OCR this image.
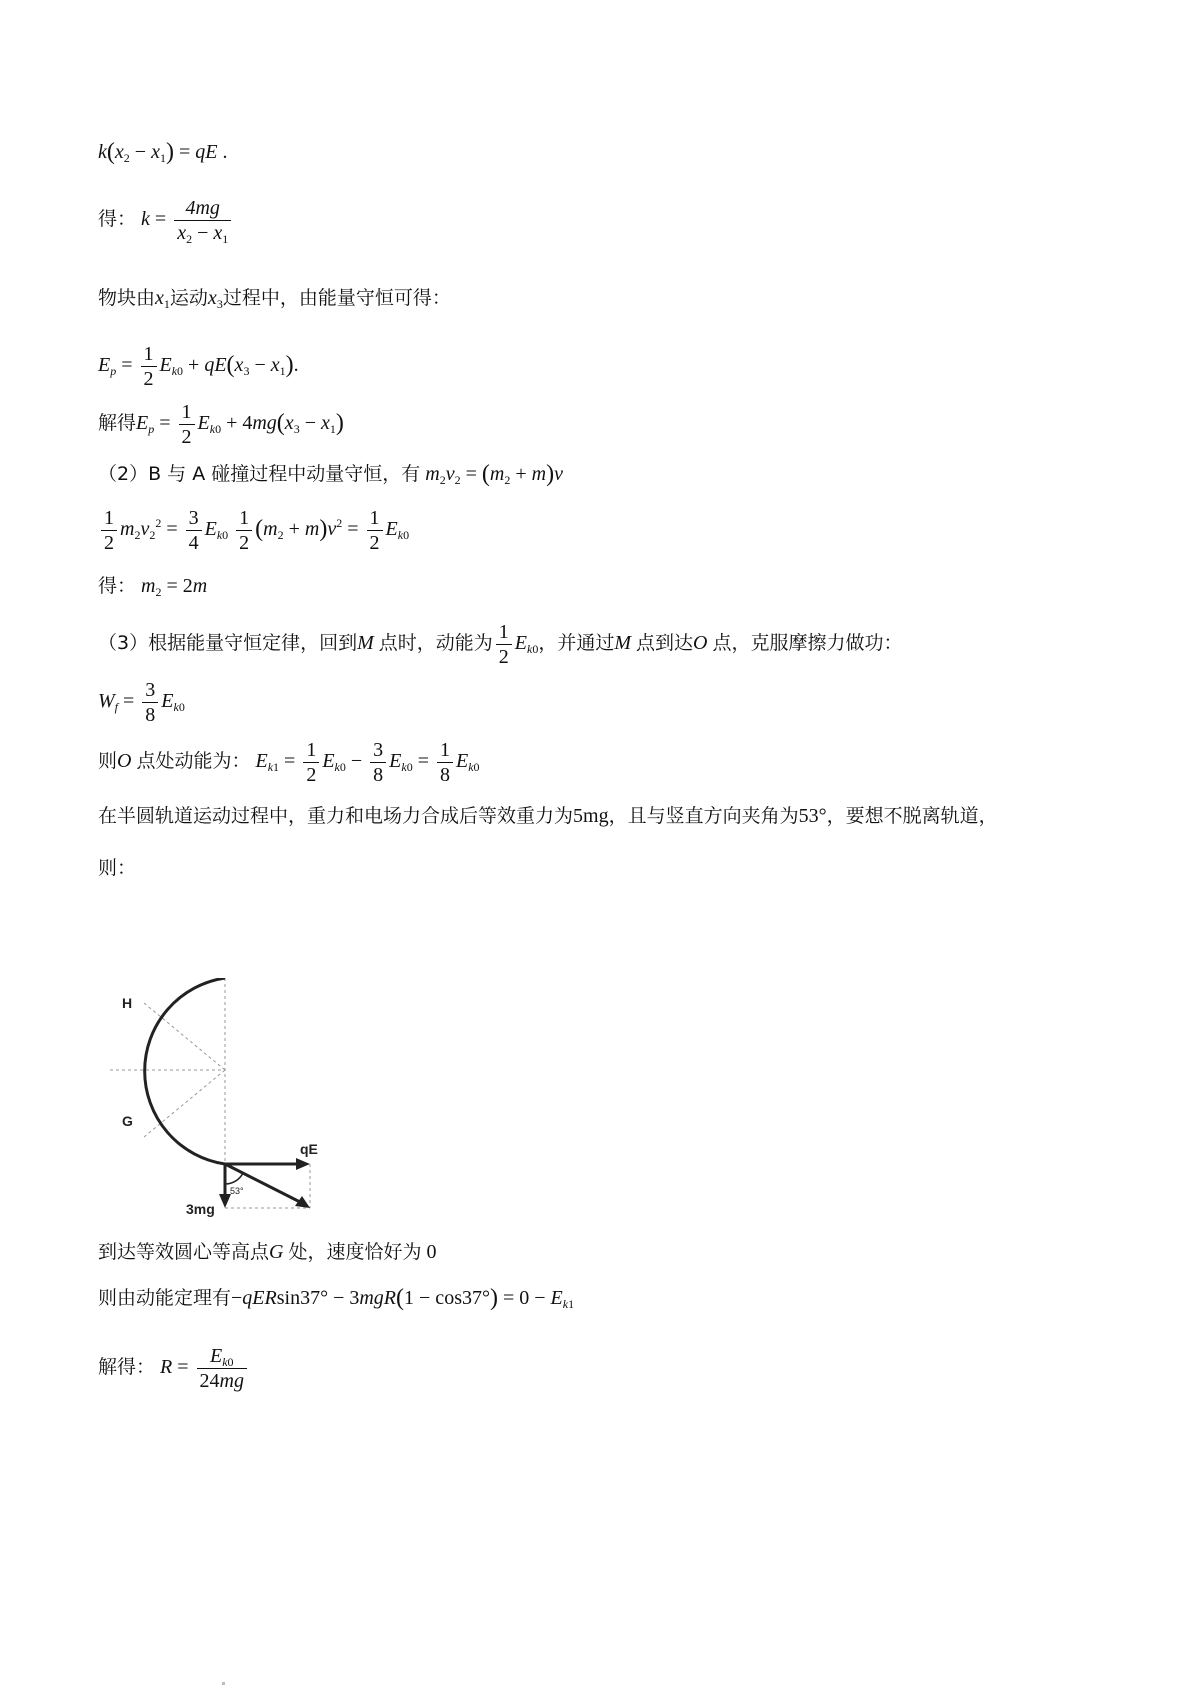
$k(x_2 - x_1)$ = qE .
得： $k = \frac{4mg}{x_2 - x_1}$
物块由$x_1$运动$x_3$过程中，由能量守恒可得：
$E_p = \frac{1}{2} E_{k0} + qE(x_3 - x_1)$.
解得$E_p = \frac{1}{2} E_{k0} + 4mg(x_3 - x_1)$
（2）B 与 A 碰撞过程中动量守恒，有 $m_2v_2 = (m_2 + m)v$
$\frac{1}{2} m_2v_2^2 = \frac{3}{4} E_{k0} \frac{1}{2} (m_2 + m)v^2 = \frac{1}{2} E_{k0}$
得： $m_2 = 2m$
（3）根据能量守恒定律，回到M 点时，动能为 $\frac{1}{2} E_{k0}$，并通过M 点到达O 点，克服摩擦力做功：
$W_f = \frac{3}{8} E_{k0}$
则O 点处动能为： $E_{k1} = \frac{1}{2} E_{k0} - \frac{3}{8} E_{k0} = \frac{1}{8} E_{k0}$
在半圆轨道运动过程中，重力和电场力合成后等效重力为5mg，且与竖直方向夹角为53°，要想不脱离轨道，
则：
H
G
qE
3mg
53°
到达等效圆心等高点G 处，速度恰好为 0
则由动能定理有$-qERsin37^\circ - 3mgR(1 - \cos 37^\circ) = 0 - E_{k1}$
解得： $R = \frac{E_{k0}}{24mg}$
